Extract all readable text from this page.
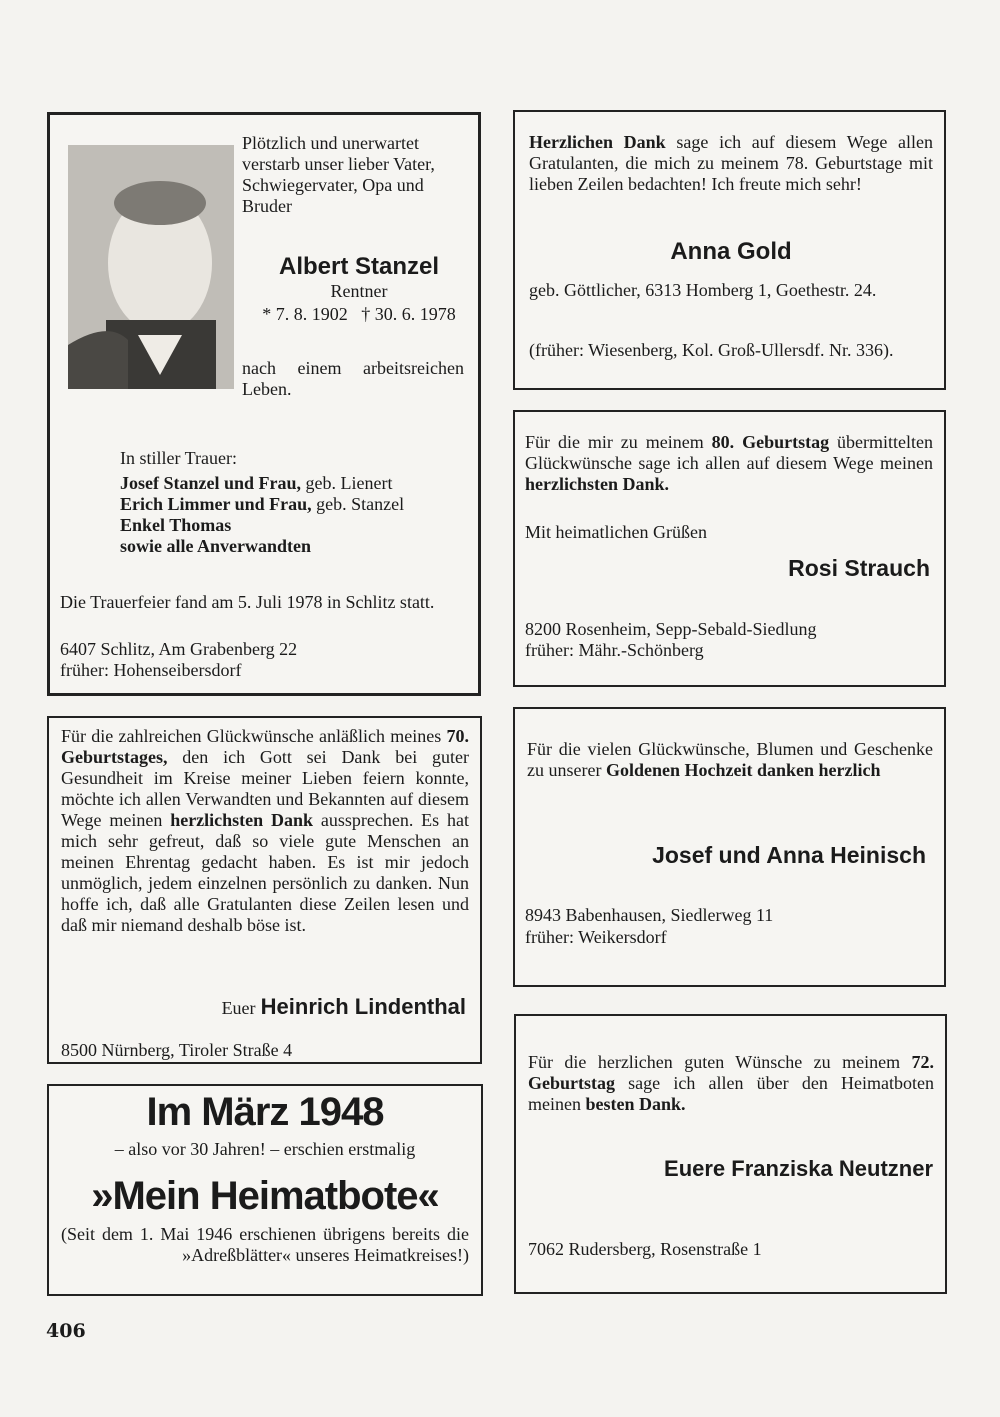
Plötzlich und unerwartet verstarb unser lieber Vater, Schwiegervater, Opa und Bruder
Albert Stanzel
Rentner
* 7. 8. 1902   † 30. 6. 1978
nach einem arbeitsreichen Leben.
In stiller Trauer:
Josef Stanzel und Frau, geb. Lienert
Erich Limmer und Frau, geb. Stanzel
Enkel Thomas
sowie alle Anverwandten
Die Trauerfeier fand am 5. Juli 1978 in Schlitz statt.
6407 Schlitz, Am Grabenberg 22
früher: Hohenseibersdorf

Herzlichen Dank sage ich auf diesem Wege allen Gratulanten, die mich zu meinem 78. Geburtstage mit lieben Zeilen bedachten! Ich freute mich sehr!

Anna Gold
geb. Göttlicher, 6313 Homberg 1, Goethestr. 24.
(früher: Wiesenberg, Kol. Groß-Ullersdf. Nr. 336).

Für die mir zu meinem 80. Geburtstag übermittelten Glückwünsche sage ich allen auf diesem Wege meinen herzlichsten Dank.

Mit heimatlichen Grüßen
Rosi Strauch
8200 Rosenheim, Sepp-Sebald-Siedlung
früher: Mähr.-Schönberg

Für die zahlreichen Glückwünsche anläßlich meines 70. Geburtstages, den ich Gott sei Dank bei guter Gesundheit im Kreise meiner Lieben feiern konnte, möchte ich allen Verwandten und Bekannten auf diesem Wege meinen herzlichsten Dank aussprechen. Es hat mich sehr gefreut, daß so viele gute Menschen an meinen Ehrentag gedacht haben. Es ist mir jedoch unmöglich, jedem einzelnen persönlich zu danken. Nun hoffe ich, daß alle Gratulanten diese Zeilen lesen und daß mir niemand deshalb böse ist.

Euer Heinrich Lindenthal
8500 Nürnberg, Tiroler Straße 4

Für die vielen Glückwünsche, Blumen und Geschenke zu unserer Goldenen Hochzeit danken herzlich

Josef und Anna Heinisch
8943 Babenhausen, Siedlerweg 11
früher: Weikersdorf
Im März 1948
– also vor 30 Jahren! – erschien erstmalig
»Mein Heimatbote«
(Seit dem 1. Mai 1946 erschienen übrigens bereits die »Adreßblätter« unseres Heimatkreises!)

Für die herzlichen guten Wünsche zu meinem 72. Geburtstag sage ich allen über den Heimatboten meinen besten Dank.

Euere Franziska Neutzner
7062 Rudersberg, Rosenstraße 1
406
